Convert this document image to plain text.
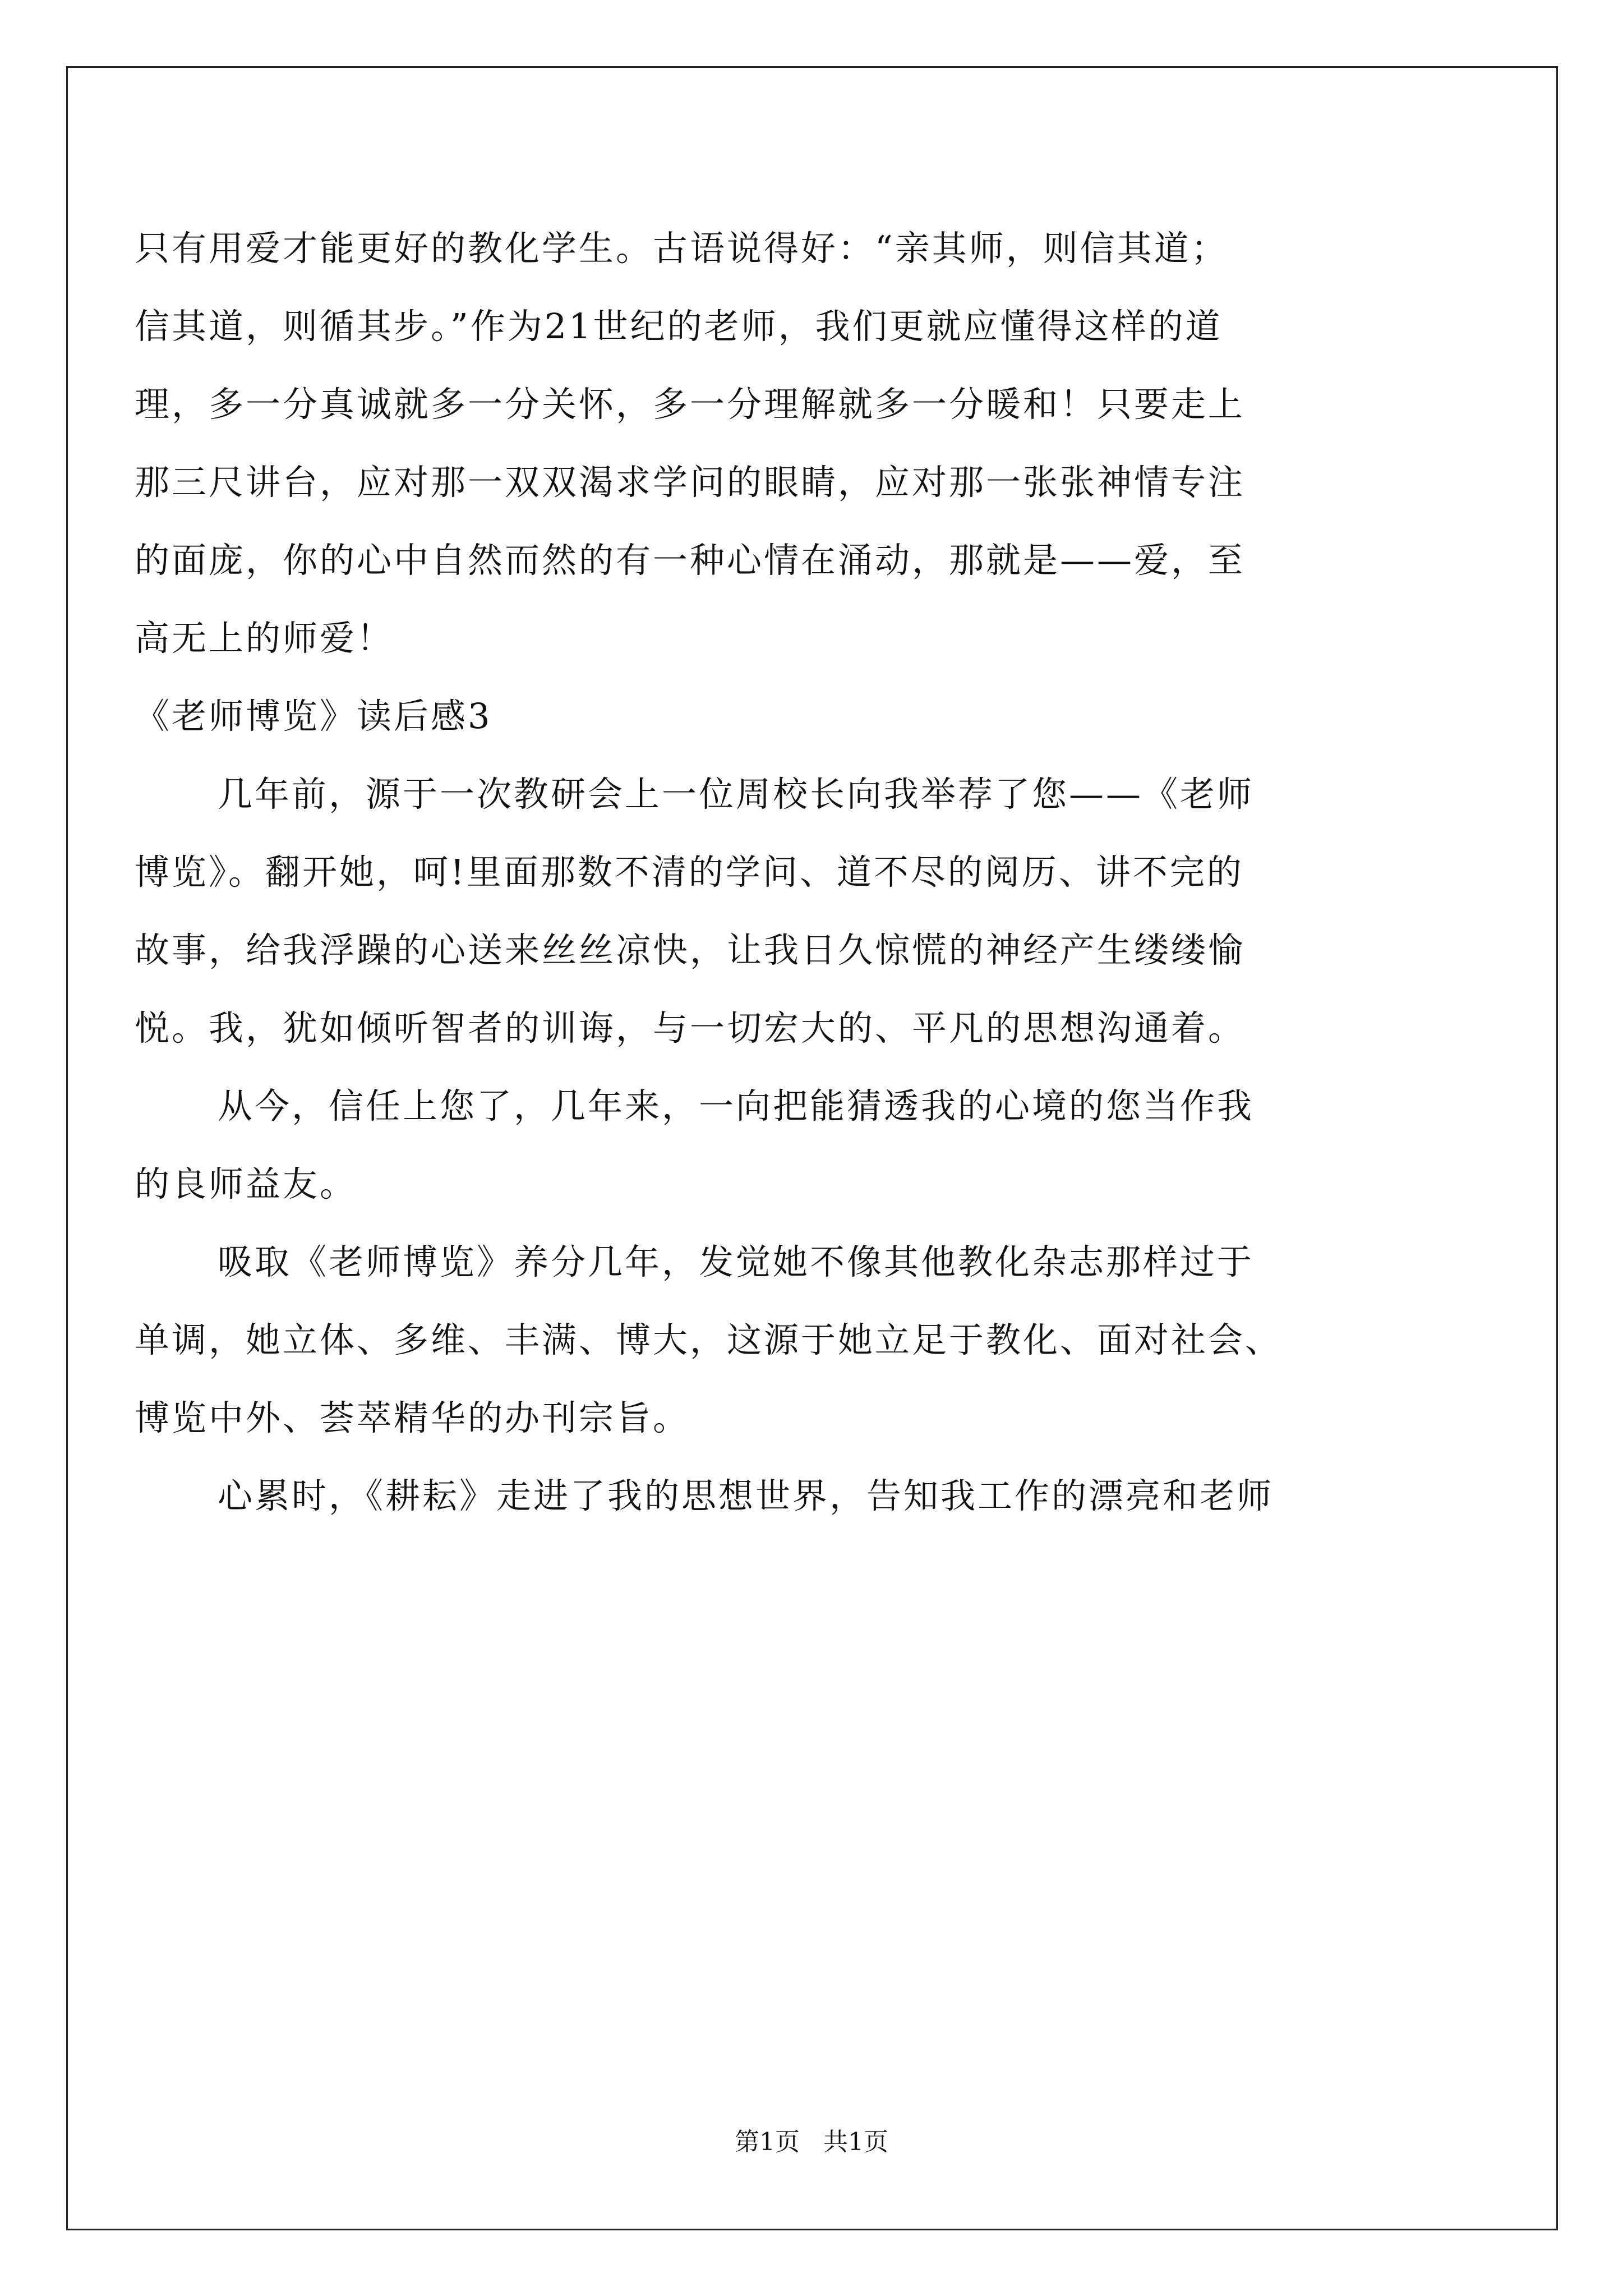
只有用爱才能更好的教化学生。古语说得好：“亲其师，则信其道；
信其道，则循其步。”作为21世纪的老师，我们更就应懂得这样的道
理，多一分真诚就多一分关怀，多一分理解就多一分暖和！只要走上
那三尺讲台，应对那一双双渴求学问的眼睛，应对那一张张神情专注
的面庞，你的心中自然而然的有一种心情在涌动，那就是——爱，至
高无上的师爱！
《老师博览》读后感3
几年前，源于一次教研会上一位周校长向我举荐了您——《老师
博览》。翻开她，呵!里面那数不清的学问、道不尽的阅历、讲不完的
故事，给我浮躁的心送来丝丝凉快，让我日久惊慌的神经产生缕缕愉
悦。我，犹如倾听智者的训诲，与一切宏大的、平凡的思想沟通着。
从今，信任上您了，几年来，一向把能猜透我的心境的您当作我
的良师益友。
吸取《老师博览》养分几年，发觉她不像其他教化杂志那样过于
单调，她立体、多维、丰满、博大，这源于她立足于教化、面对社会、
博览中外、荟萃精华的办刊宗旨。
心累时，《耕耘》走进了我的思想世界，告知我工作的漂亮和老师
第1页   共1页
